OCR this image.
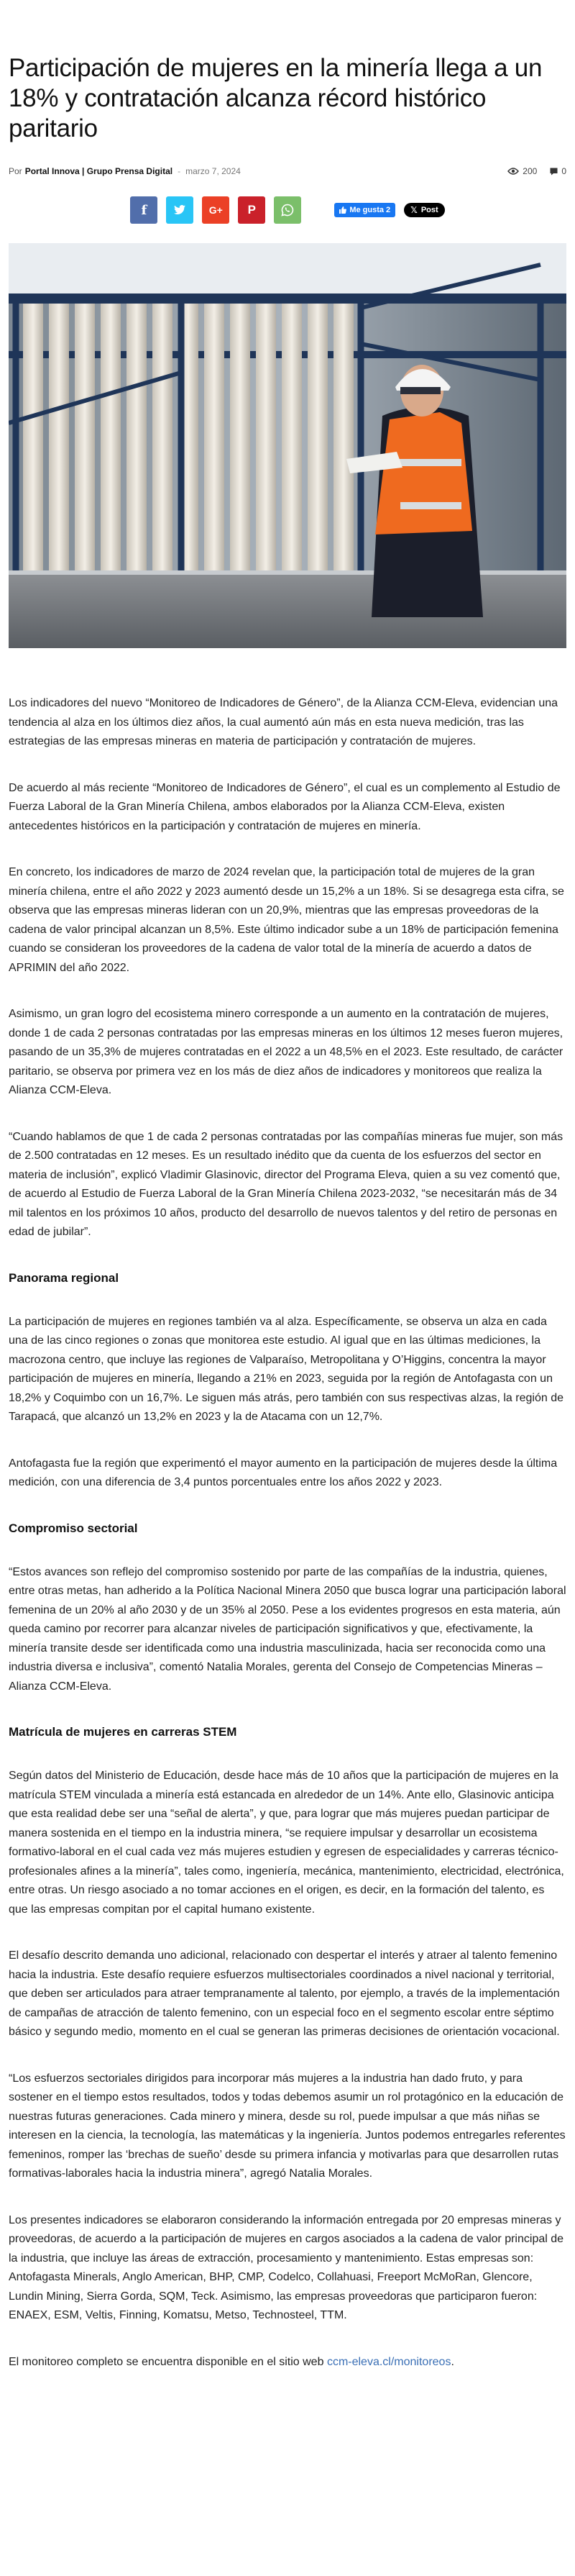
Participación de mujeres en la minería llega a un 18% y contratación alcanza récord histórico paritario
Por Portal Innova | Grupo Prensa Digital - marzo 7, 2024	200	0
f	G+ P	Me gusta 2 𝕏 Post

Los indicadores del nuevo “Monitoreo de Indicadores de Género”, de la Alianza CCM-Eleva, evidencian una tendencia al alza en los últimos diez años, la cual aumentó aún más en esta nueva medición, tras las estrategias de las empresas mineras en materia de participación y contratación de mujeres.

De acuerdo al más reciente “Monitoreo de Indicadores de Género”, el cual es un complemento al Estudio de Fuerza Laboral de la Gran Minería Chilena, ambos elaborados por la Alianza CCM-Eleva, existen antecedentes históricos en la participación y contratación de mujeres en minería.

En concreto, los indicadores de marzo de 2024 revelan que, la participación total de mujeres de la gran minería chilena, entre el año 2022 y 2023 aumentó desde un 15,2% a un 18%. Si se desagrega esta cifra, se observa que las empresas mineras lideran con un 20,9%, mientras que las empresas proveedoras de la cadena de valor principal alcanzan un 8,5%. Este último indicador sube a un 18% de participación femenina cuando se consideran los proveedores de la cadena de valor total de la minería de acuerdo a datos de APRIMIN del año 2022.

Asimismo, un gran logro del ecosistema minero corresponde a un aumento en la contratación de mujeres, donde 1 de cada 2 personas contratadas por las empresas mineras en los últimos 12 meses fueron mujeres, pasando de un 35,3% de mujeres contratadas en el 2022 a un 48,5% en el 2023. Este resultado, de carácter paritario, se observa por primera vez en los más de diez años de indicadores y monitoreos que realiza la Alianza CCM-Eleva.

“Cuando hablamos de que 1 de cada 2 personas contratadas por las compañías mineras fue mujer, son más de 2.500 contratadas en 12 meses. Es un resultado inédito que da cuenta de los esfuerzos del sector en materia de inclusión”, explicó Vladimir Glasinovic, director del Programa Eleva, quien a su vez comentó que, de acuerdo al Estudio de Fuerza Laboral de la Gran Minería Chilena 2023-2032, “se necesitarán más de 34 mil talentos en los próximos 10 años, producto del desarrollo de nuevos talentos y del retiro de personas en edad de jubilar”.

Panorama regional

La participación de mujeres en regiones también va al alza. Específicamente, se observa un alza en cada una de las cinco regiones o zonas que monitorea este estudio. Al igual que en las últimas mediciones, la macrozona centro, que incluye las regiones de Valparaíso, Metropolitana y O’Higgins, concentra la mayor participación de mujeres en minería, llegando a 21% en 2023, seguida por la región de Antofagasta con un 18,2% y Coquimbo con un 16,7%. Le siguen más atrás, pero también con sus respectivas alzas, la región de Tarapacá, que alcanzó un 13,2% en 2023 y la de Atacama con un 12,7%.

Antofagasta fue la región que experimentó el mayor aumento en la participación de mujeres desde la última medición, con una diferencia de 3,4 puntos porcentuales entre los años 2022 y 2023.

Compromiso sectorial

“Estos avances son reflejo del compromiso sostenido por parte de las compañías de la industria, quienes, entre otras metas, han adherido a la Política Nacional Minera 2050 que busca lograr una participación laboral femenina de un 20% al año 2030 y de un 35% al 2050. Pese a los evidentes progresos en esta materia, aún queda camino por recorrer para alcanzar niveles de participación significativos y que, efectivamente, la minería transite desde ser identificada como una industria masculinizada, hacia ser reconocida como una industria diversa e inclusiva”, comentó Natalia Morales, gerenta del Consejo de Competencias Mineras – Alianza CCM-Eleva.

Matrícula de mujeres en carreras STEM

Según datos del Ministerio de Educación, desde hace más de 10 años que la participación de mujeres en la matrícula STEM vinculada a minería está estancada en alrededor de un 14%. Ante ello, Glasinovic anticipa que esta realidad debe ser una “señal de alerta”, y que, para lograr que más mujeres puedan participar de manera sostenida en el tiempo en la industria minera, “se requiere impulsar y desarrollar un ecosistema formativo-laboral en el cual cada vez más mujeres estudien y egresen de especialidades y carreras técnico-profesionales afines a la minería”, tales como, ingeniería, mecánica, mantenimiento, electricidad, electrónica, entre otras. Un riesgo asociado a no tomar acciones en el origen, es decir, en la formación del talento, es que las empresas compitan por el capital humano existente.

El desafío descrito demanda uno adicional, relacionado con despertar el interés y atraer al talento femenino hacia la industria. Este desafío requiere esfuerzos multisectoriales coordinados a nivel nacional y territorial, que deben ser articulados para atraer tempranamente al talento, por ejemplo, a través de la implementación de campañas de atracción de talento femenino, con un especial foco en el segmento escolar entre séptimo básico y segundo medio, momento en el cual se generan las primeras decisiones de orientación vocacional.

“Los esfuerzos sectoriales dirigidos para incorporar más mujeres a la industria han dado fruto, y para sostener en el tiempo estos resultados, todos y todas debemos asumir un rol protagónico en la educación de nuestras futuras generaciones. Cada minero y minera, desde su rol, puede impulsar a que más niñas se interesen en la ciencia, la tecnología, las matemáticas y la ingeniería. Juntos podemos entregarles referentes femeninos, romper las ‘brechas de sueño’ desde su primera infancia y motivarlas para que desarrollen rutas formativas-laborales hacia la industria minera”, agregó Natalia Morales.

Los presentes indicadores se elaboraron considerando la información entregada por 20 empresas mineras y proveedoras, de acuerdo a la participación de mujeres en cargos asociados a la cadena de valor principal de la industria, que incluye las áreas de extracción, procesamiento y mantenimiento. Estas empresas son: Antofagasta Minerals, Anglo American, BHP, CMP, Codelco, Collahuasi, Freeport McMoRan, Glencore, Lundin Mining, Sierra Gorda, SQM, Teck. Asimismo, las empresas proveedoras que participaron fueron: ENAEX, ESM, Veltis, Finning, Komatsu, Metso, Technosteel, TTM.

El monitoreo completo se encuentra disponible en el sitio web ccm-eleva.cl/monitoreos.
